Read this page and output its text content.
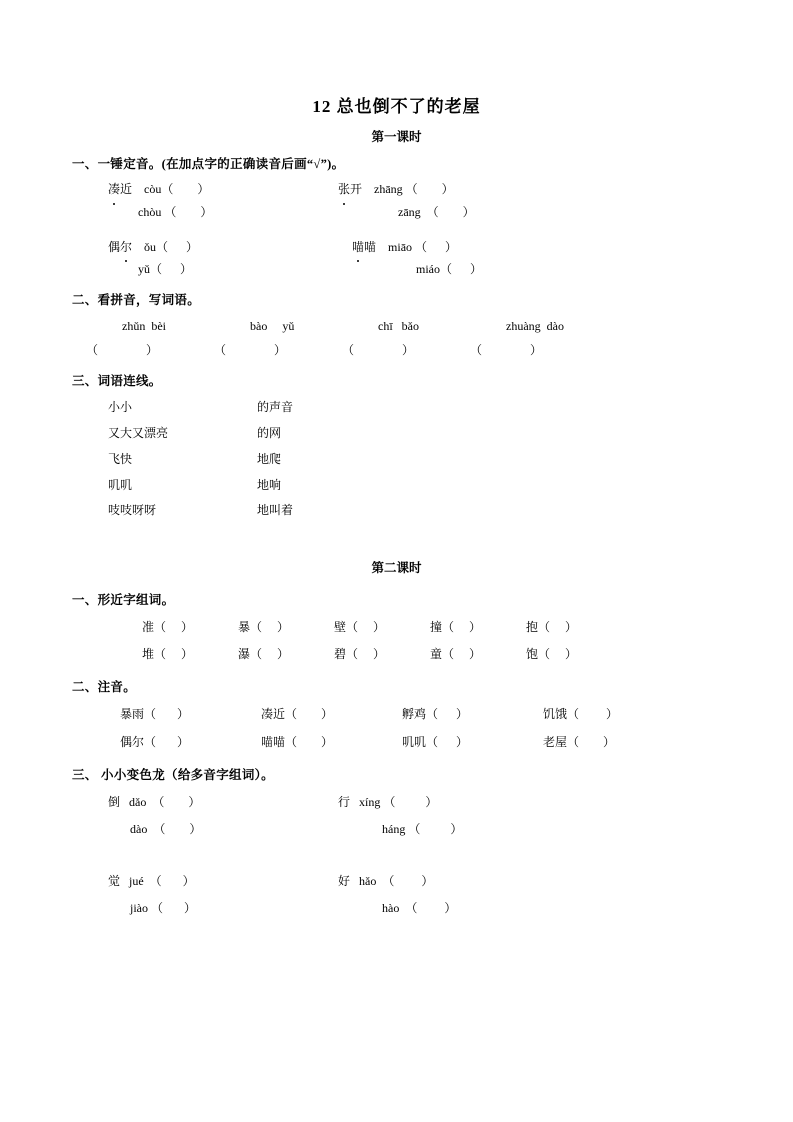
12 总也倒不了的老屋
第一课时
一、一锤定音。(在加点字的正确读音后画“√”)。
凑近　 còu（        ）	张开　zhāng （        ）
chòu （        ）	zāng  （        ）
偶尔　 ǒu（      ）	喵喵　miāo （      ）
yǔ（      ）	miáo（      ）
二、看拼音，写词语。
zhǔn  bèi	bào     yǔ	chī   bǎo	zhuàng  dào
（                ）	（                ）	（                ）	（                ）
三、词语连线。
小小	的声音
又大又漂亮	的网
飞快	地爬
叽叽	地响
吱吱呀呀	地叫着
第二课时
一、形近字组词。
准（     ）	暴（     ）	壁（     ）	撞（     ）	抱（     ）
堆（     ）	瀑（     ）	碧（     ）	童（     ）	饱（     ）
二、注音。
暴雨（       ）	凑近（        ）	孵鸡（      ）	饥饿（         ）
偶尔（       ）	喵喵（        ）	叽叽（      ）	老屋（        ）
三、 小小变色龙（给多音字组词）。
倒   dǎo  （        ）	行   xíng （          ）
dào  （        ）	háng （          ）
觉   jué  （       ）	好   hǎo  （         ）
jiào （       ）	hào  （         ）
